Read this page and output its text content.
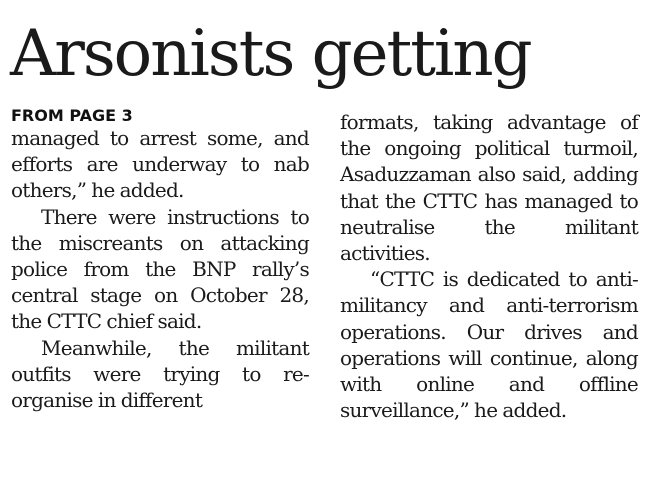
Arsonists getting
FROM PAGE 3

managed to arrest some, and efforts are underway to nab others,” he added.

There were instructions to the miscreants on attacking police from the BNP rally’s central stage on October 28, the CTTC chief said.

Meanwhile, the militant outfits were trying to re-organise in different

formats, taking advantage of the ongoing political turmoil, Asaduzzaman also said, adding that the CTTC has managed to neutralise the militant activities.

“CTTC is dedicated to anti-militancy and anti-terrorism operations. Our drives and operations will continue, along with online and offline surveillance,” he added.
